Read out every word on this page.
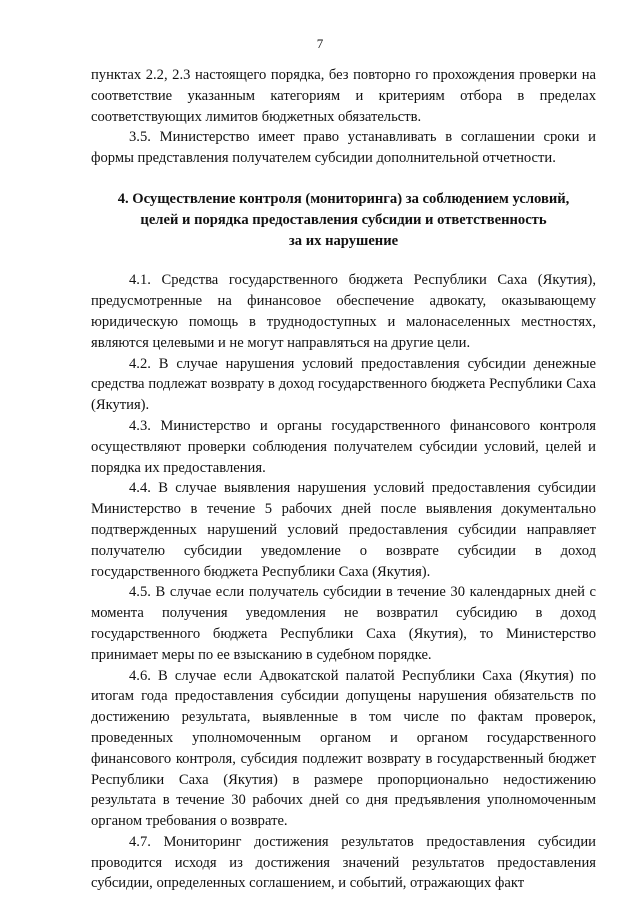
7

пунктах 2.2, 2.3 настоящего порядка, без повторно го прохождения проверки на соответствие указанным категориям и критериям отбора в пределах соответствующих лимитов бюджетных обязательств.

3.5. Министерство имеет право устанавливать в соглашении сроки и формы представления получателем субсидии дополнительной отчетности.

4. Осуществление контроля (мониторинга) за соблюдением условий,
целей и порядка предоставления субсидии и ответственность
за их нарушение

4.1. Средства государственного бюджета Республики Саха (Якутия), предусмотренные на финансовое обеспечение адвокату, оказывающему юридическую помощь в труднодоступных и малонаселенных местностях, являются целевыми и не могут направляться на другие цели.

4.2. В случае нарушения условий предоставления субсидии денежные средства подлежат возврату в доход государственного бюджета Республики Саха (Якутия).

4.3. Министерство и органы государственного финансового контроля осуществляют проверки соблюдения получателем субсидии условий, целей и порядка их предоставления.

4.4. В случае выявления нарушения условий предоставления субсидии Министерство в течение 5 рабочих дней после выявления документально подтвержденных нарушений условий предоставления субсидии направляет получателю субсидии уведомление о возврате субсидии в доход государственного бюджета Республики Саха (Якутия).

4.5. В случае если получатель субсидии в течение 30 календарных дней с момента получения уведомления не возвратил субсидию в доход государственного бюджета Республики Саха (Якутия), то Министерство принимает меры по ее взысканию в судебном порядке.

4.6. В случае если Адвокатской палатой Республики Саха (Якутия) по итогам года предоставления субсидии допущены нарушения обязательств по достижению результата, выявленные в том числе по фактам проверок, проведенных уполномоченным органом и органом государственного финансового контроля, субсидия подлежит возврату в государственный бюджет Республики Саха (Якутия) в размере пропорционально недостижению результата в течение 30 рабочих дней со дня предъявления уполномоченным органом требования о возврате.

4.7. Мониторинг достижения результатов предоставления субсидии проводится исходя из достижения значений результатов предоставления субсидии, определенных соглашением, и событий, отражающих факт
